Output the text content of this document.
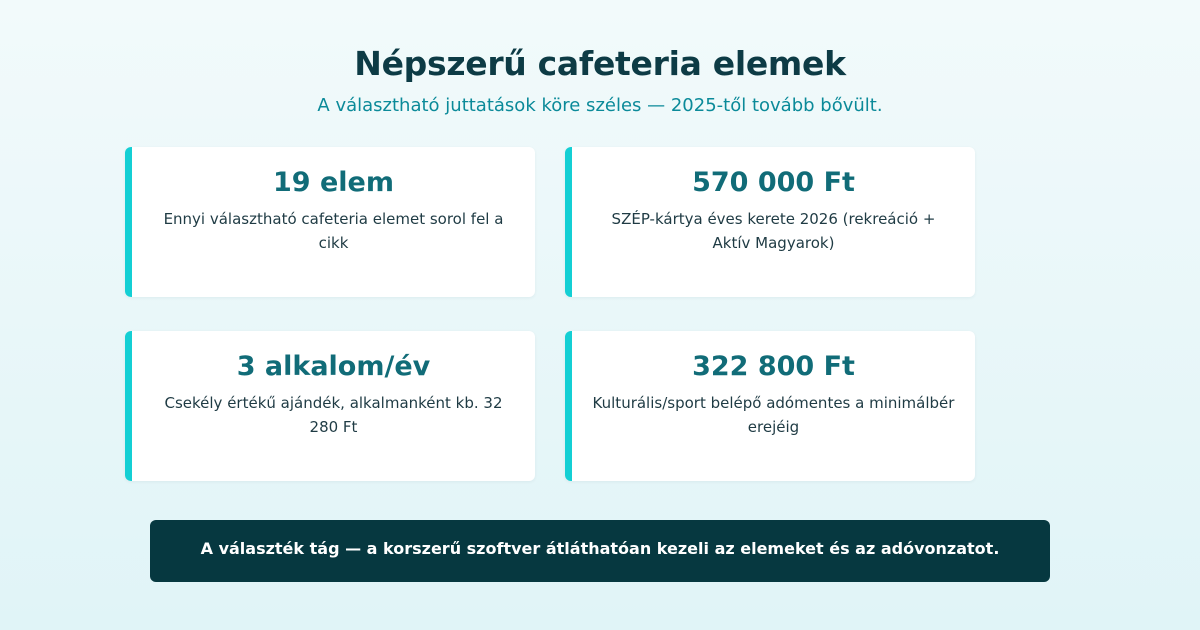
Népszerű cafeteria elemek
A választható juttatások köre széles — 2025-től tovább bővült.
19 elem
Ennyi választható cafeteria elemet sorol fel a cikk
570 000 Ft
SZÉP-kártya éves kerete 2026 (rekreáció + Aktív Magyarok)
3 alkalom/év
Csekély értékű ajándék, alkalmanként kb. 32 280 Ft
322 800 Ft
Kulturális/sport belépő adómentes a minimálbér erejéig
A választék tág — a korszerű szoftver átláthatóan kezeli az elemeket és az adóvonzatot.
